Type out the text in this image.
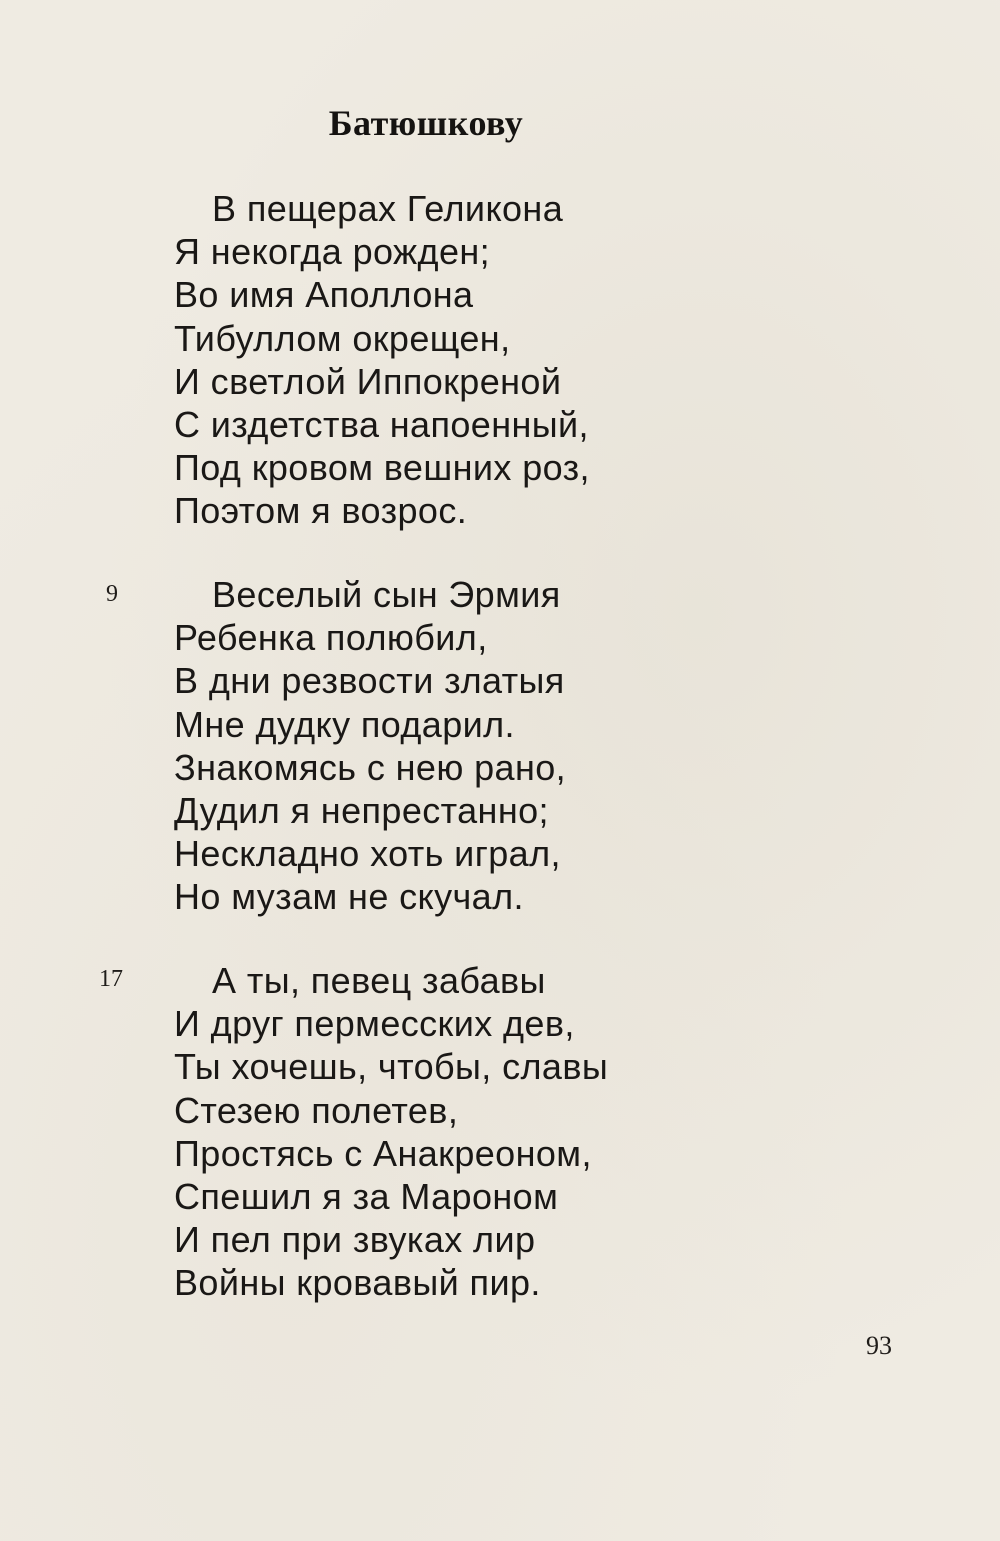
Батюшкову
9
17
В пещерах Геликона
Я некогда рожден;
Во имя Аполлона
Тибуллом окрещен,
И светлой Иппокреной
С издетства напоенный,
Под кровом вешних роз,
Поэтом я возрос.
Веселый сын Эрмия
Ребенка полюбил,
В дни резвости златыя
Мне дудку подарил.
Знакомясь с нею рано,
Дудил я непрестанно;
Нескладно хоть играл,
Но музам не скучал.
А ты, певец забавы
И друг пермесских дев,
Ты хочешь, чтобы, славы
Стезею полетев,
Простясь с Анакреоном,
Спешил я за Мароном
И пел при звуках лир
Войны кровавый пир.
93
